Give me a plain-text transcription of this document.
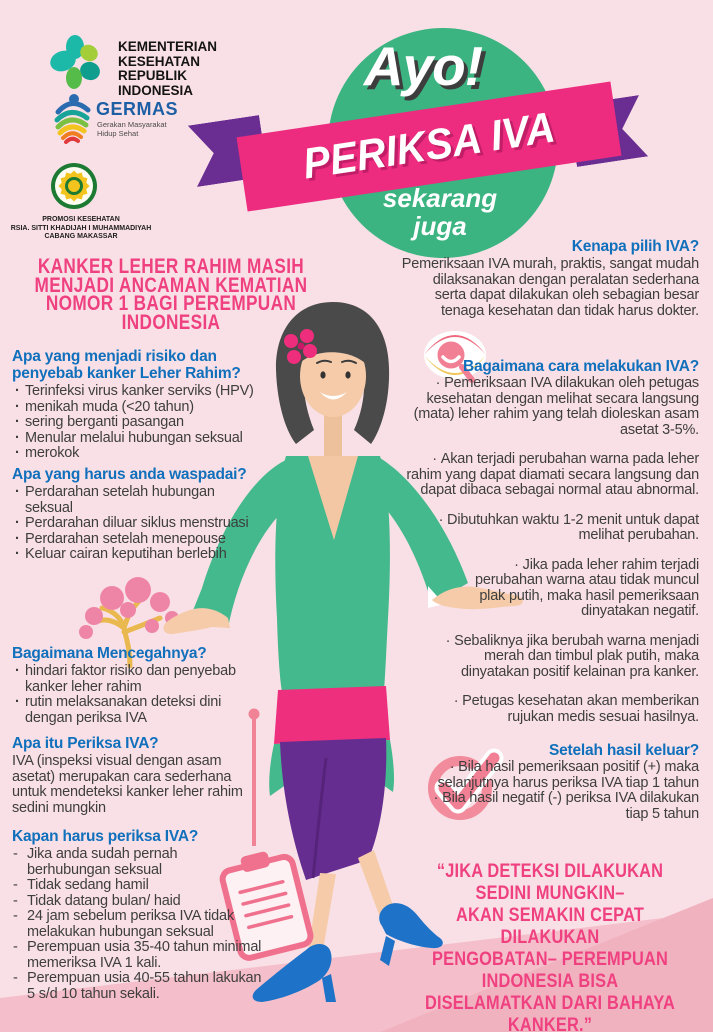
KEMENTERIAN
KESEHATAN
REPUBLIK
INDONESIA
GERMAS
Gerakan Masyarakat
Hidup Sehat
PROMOSI KESEHATAN
RSIA. SITTI KHADIJAH I MUHAMMADIYAH
CABANG MAKASSAR
Ayo!
PERIKSA IVA
sekarang
juga
KANKER LEHER RAHIM MASIH
MENJADI ANCAMAN KEMATIAN
NOMOR 1 BAGI PEREMPUAN INDONESIA
Apa yang menjadi risiko dan penyebab kanker Leher Rahim?
· Terinfeksi virus kanker serviks (HPV)
· menikah muda (<20 tahun)
· sering berganti pasangan
· Menular melalui hubungan seksual
· merokok
Apa yang harus anda waspadai?
· Perdarahan setelah hubungan seksual
· Perdarahan diluar siklus menstruasi
· Perdarahan setelah menepouse
· Keluar cairan keputihan berlebih
Bagaimana Mencegahnya?
· hindari faktor risiko dan penyebab kanker leher rahim
· rutin melaksanakan deteksi dini dengan periksa IVA
Apa itu Periksa IVA?
IVA (inspeksi visual dengan asam asetat) merupakan cara sederhana untuk mendeteksi kanker leher rahim sedini mungkin
Kapan harus periksa IVA?
- Jika anda sudah pernah berhubungan seksual
- Tidak sedang hamil
- Tidak datang bulan/ haid
- 24 jam sebelum periksa IVA tidak melakukan hubungan seksual
- Perempuan usia 35-40 tahun minimal memeriksa IVA 1 kali.
- Perempuan usia 40-55 tahun lakukan 5 s/d 10 tahun sekali.
Kenapa pilih IVA?
Pemeriksaan IVA murah, praktis, sangat mudah dilaksanakan dengan peralatan sederhana serta dapat dilakukan oleh sebagian besar tenaga kesehatan dan tidak harus dokter.
Bagaimana cara melakukan IVA?
· Pemeriksaan IVA dilakukan oleh petugas kesehatan dengan melihat secara langsung (mata) leher rahim yang telah dioleskan asam asetat 3-5%.
· Akan terjadi perubahan warna pada leher rahim yang dapat diamati secara langsung dan dapat dibaca sebagai normal atau abnormal.
· Dibutuhkan waktu 1-2 menit untuk dapat melihat perubahan.
· Jika pada leher rahim terjadi perubahan warna atau tidak muncul plak putih, maka hasil pemeriksaan dinyatakan negatif.
· Sebaliknya jika berubah warna menjadi merah dan timbul plak putih, maka dinyatakan positif kelainan pra kanker.
· Petugas kesehatan akan memberikan rujukan medis sesuai hasilnya.
Setelah hasil keluar?
· Bila hasil pemeriksaan positif (+) maka selanjutnya harus periksa IVA tiap 1 tahun
· Bila hasil negatif (-) periksa IVA dilakukan tiap 5 tahun
“JIKA DETEKSI DILAKUKAN SEDINI MUNGKIN–
AKAN SEMAKIN CEPAT DILAKUKAN
PENGOBATAN– PEREMPUAN INDONESIA BISA
DISELAMATKAN DARI BAHAYA KANKER.”
